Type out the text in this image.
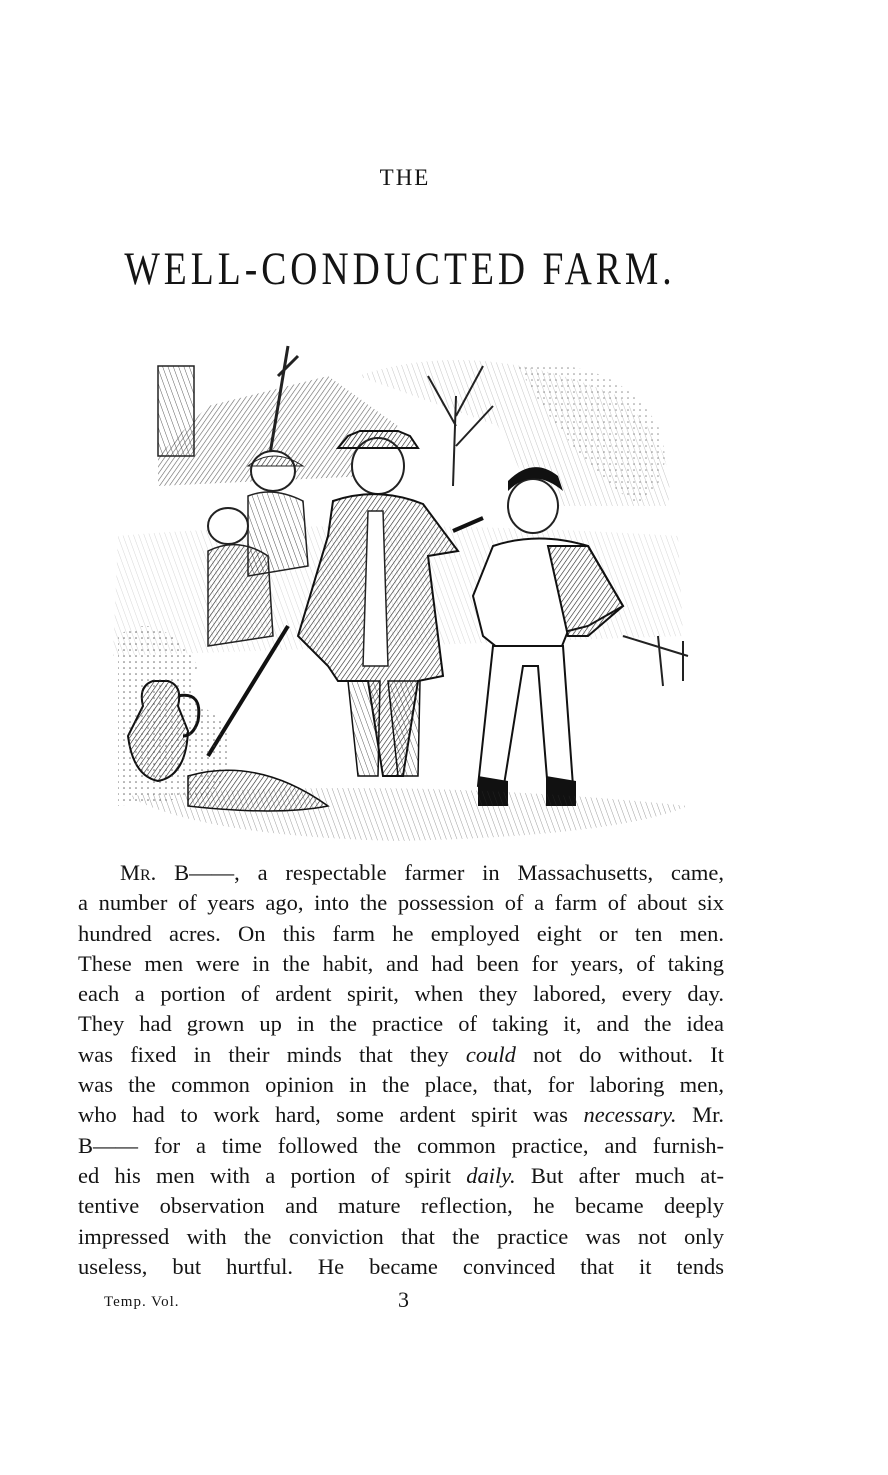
THE
WELL-CONDUCTED FARM.
Mr. B——, a respectable farmer in Massachusetts, came,
a number of years ago, into the possession of a farm of about six
hundred acres. On this farm he employed eight or ten men.
These men were in the habit, and had been for years, of taking
each a portion of ardent spirit, when they labored, every day.
They had grown up in the practice of taking it, and the idea
was fixed in their minds that they could not do without. It
was the common opinion in the place, that, for laboring men,
who had to work hard, some ardent spirit was necessary. Mr.
B—— for a time followed the common practice, and furnish-
ed his men with a portion of spirit daily. But after much at-
tentive observation and mature reflection, he became deeply
impressed with the conviction that the practice was not only
useless, but hurtful. He became convinced that it tends
Temp. Vol.	3
